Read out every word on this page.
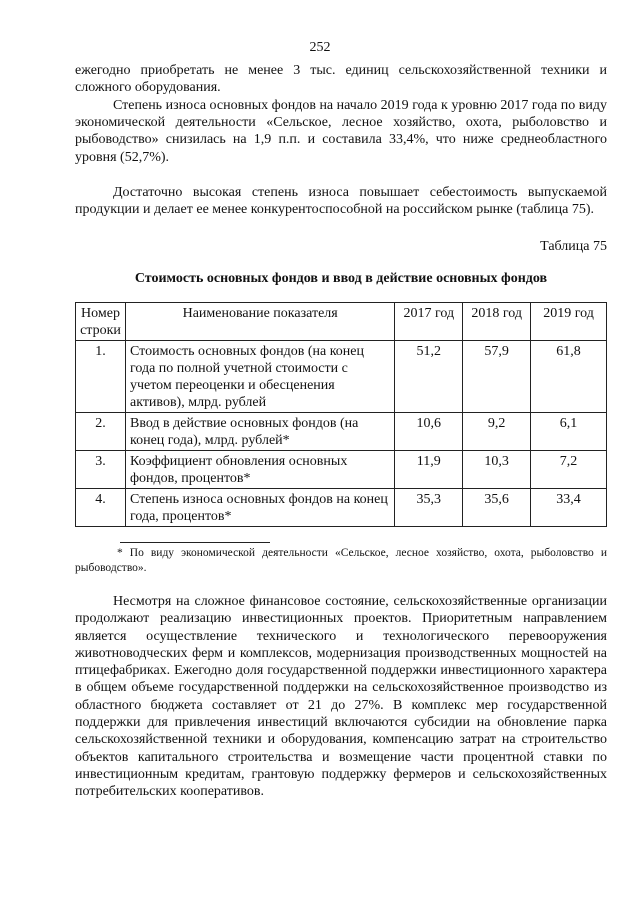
252

ежегодно приобретать не менее 3 тыс. единиц сельскохозяйственной техники и сложного оборудования.

Степень износа основных фондов на начало 2019 года к уровню 2017 года по виду экономической деятельности «Сельское, лесное хозяйство, охота, рыболовство и рыбоводство» снизилась на 1,9 п.п. и составила 33,4%, что ниже среднеобластного уровня (52,7%).

Достаточно высокая степень износа повышает себестоимость выпускаемой продукции и делает ее менее конкурентоспособной на российском рынке (таблица 75).

Таблица 75
Стоимость основных фондов и ввод в действие основных фондов
Номер строки	Наименование показателя	2017 год	2018 год	2019 год
1.	Стоимость основных фондов (на конец года по полной учетной стоимости с учетом переоценки и обесценения активов), млрд. рублей	51,2	57,9	61,8
2.	Ввод в действие основных фондов (на конец года), млрд. рублей*	10,6	9,2	6,1
3.	Коэффициент обновления основных фондов, процентов*	11,9	10,3	7,2
4.	Степень износа основных фондов на конец года, процентов*	35,3	35,6	33,4

* По виду экономической деятельности «Сельское, лесное хозяйство, охота, рыболовство и рыбоводство».

Несмотря на сложное финансовое состояние, сельскохозяйственные организации продолжают реализацию инвестиционных проектов. Приоритетным направлением является осуществление технического и технологического перевооружения животноводческих ферм и комплексов, модернизация производственных мощностей на птицефабриках. Ежегодно доля государственной поддержки инвестиционного характера в общем объеме государственной поддержки на сельскохозяйственное производство из областного бюджета составляет от 21 до 27%. В комплекс мер государственной поддержки для привлечения инвестиций включаются субсидии на обновление парка сельскохозяйственной техники и оборудования, компенсацию затрат на строительство объектов капитального строительства и возмещение части процентной ставки по инвестиционным кредитам, грантовую поддержку фермеров и сельскохозяйственных потребительских кооперативов.
